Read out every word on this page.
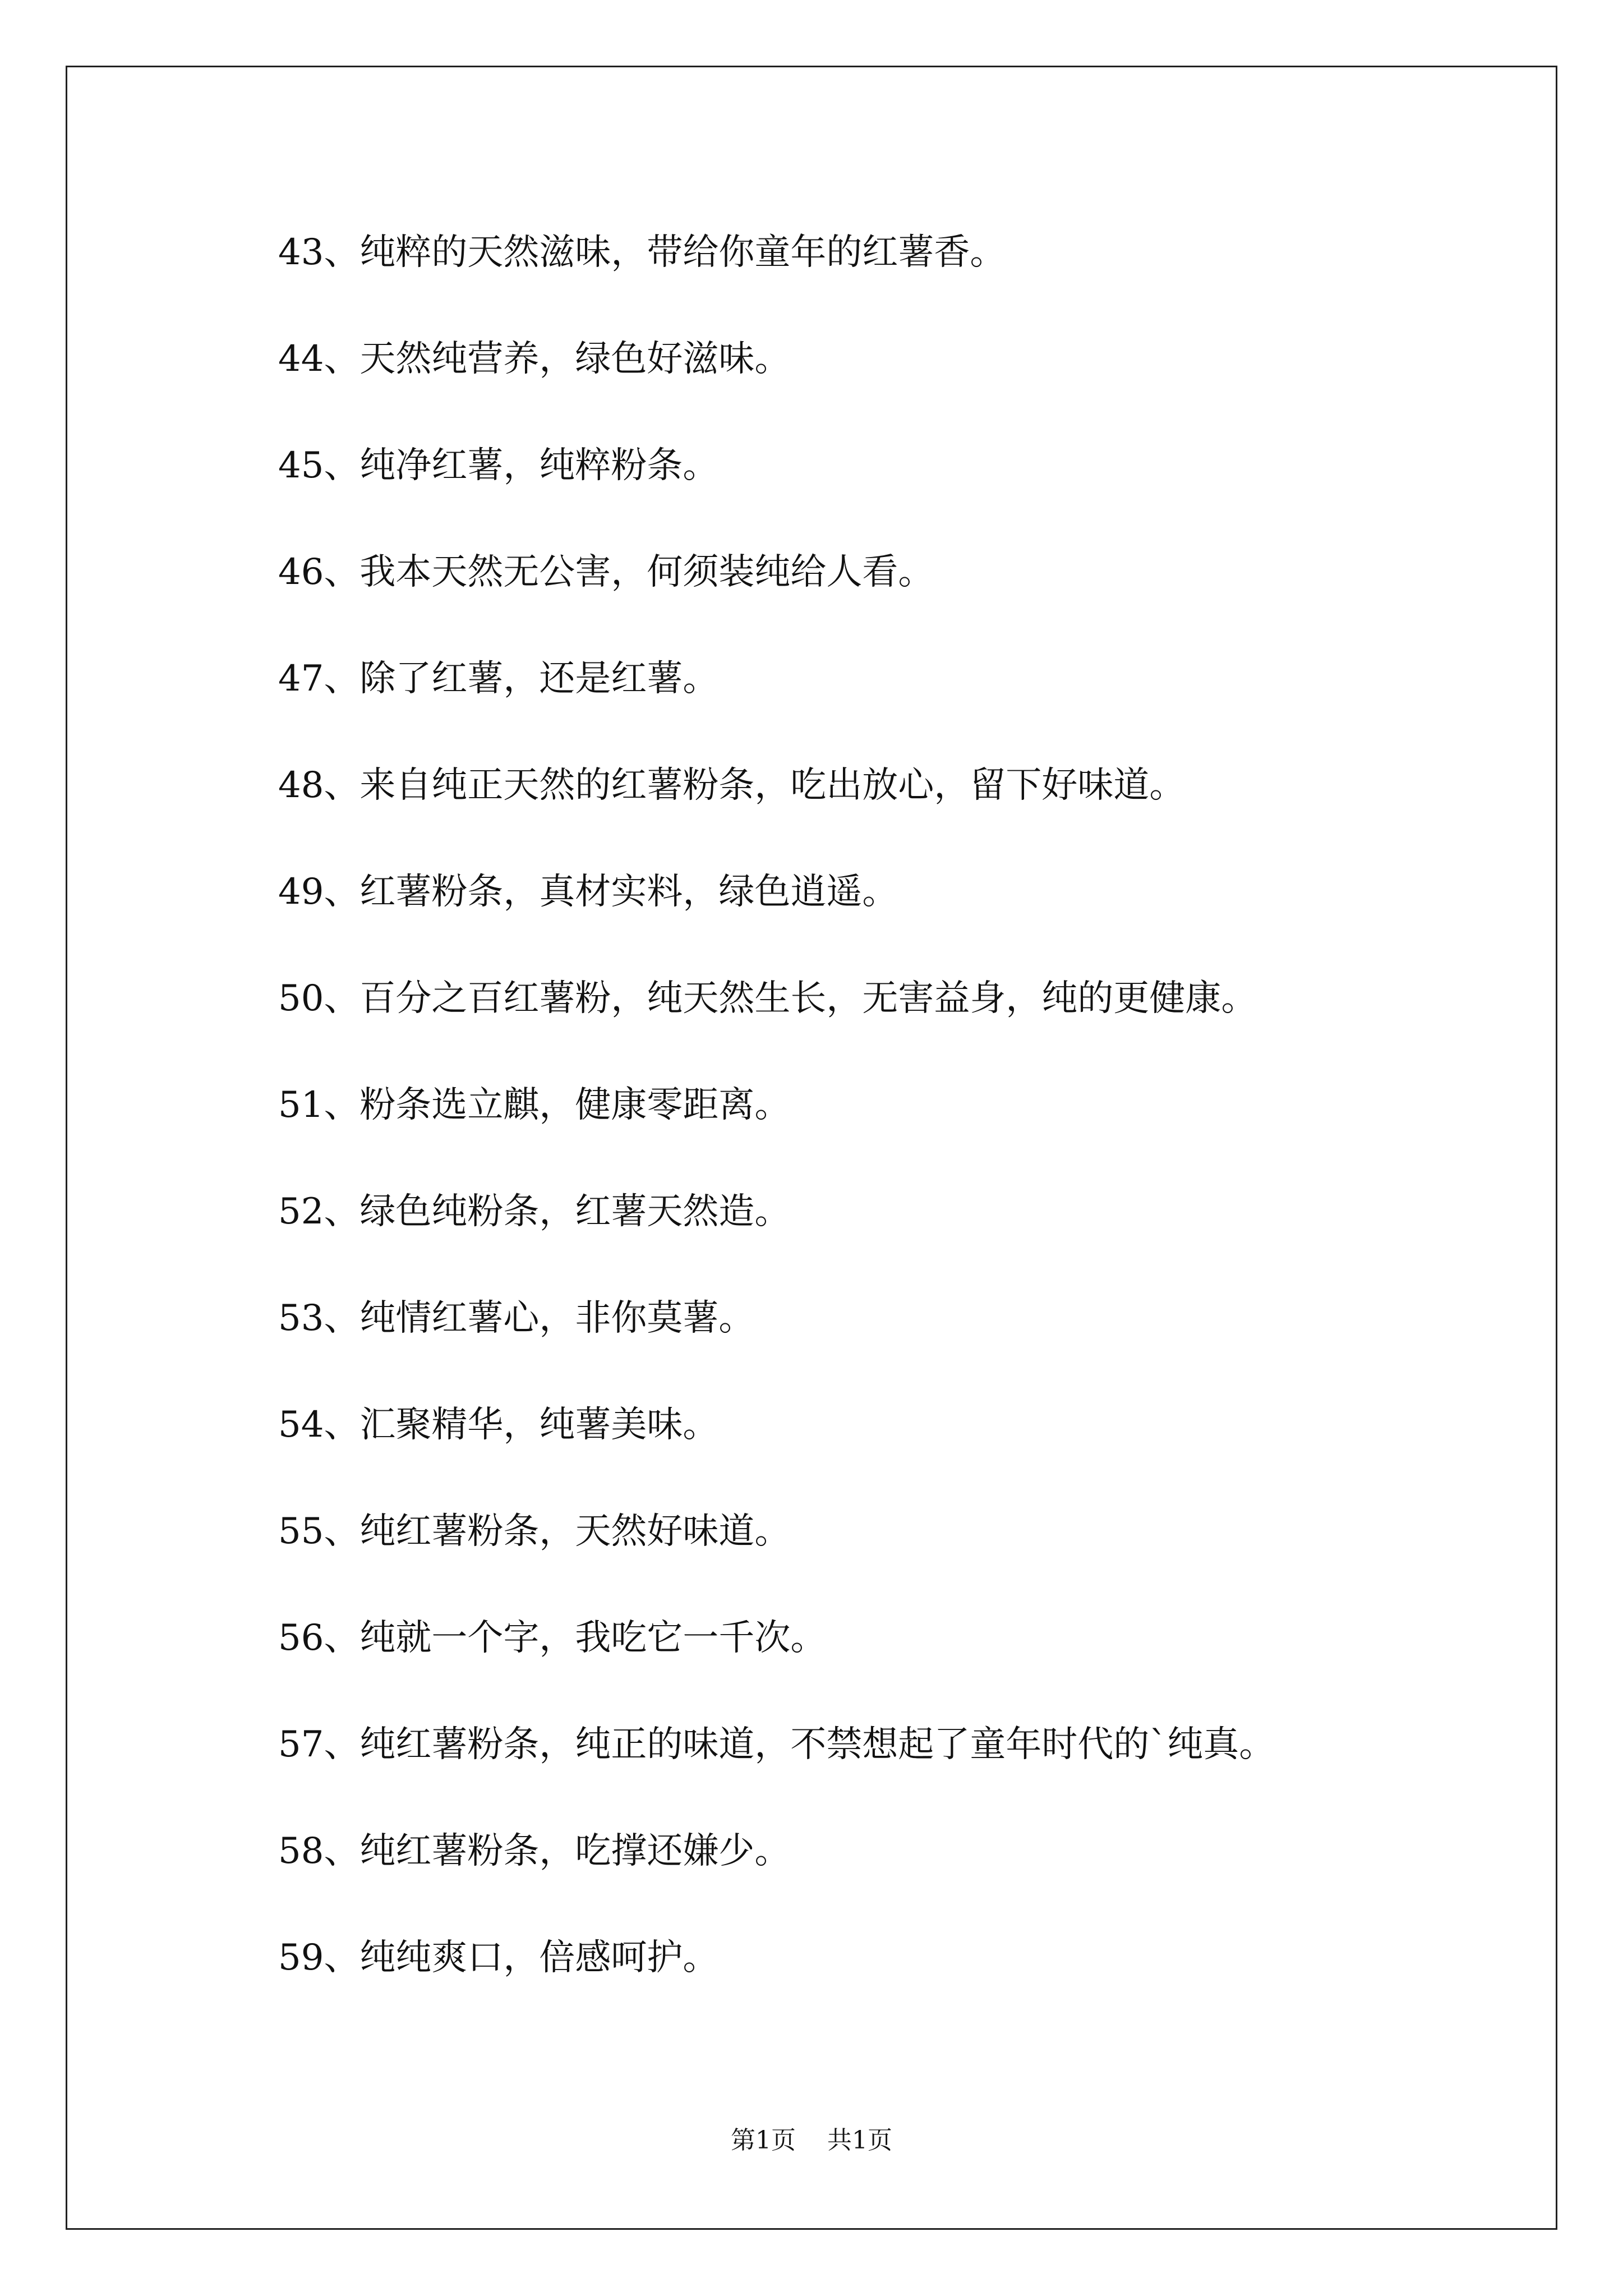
43、纯粹的天然滋味，带给你童年的红薯香。
44、天然纯营养，绿色好滋味。
45、纯净红薯，纯粹粉条。
46、我本天然无公害，何须装纯给人看。
47、除了红薯，还是红薯。
48、来自纯正天然的红薯粉条，吃出放心，留下好味道。
49、红薯粉条，真材实料，绿色逍遥。
50、百分之百红薯粉，纯天然生长，无害益身，纯的更健康。
51、粉条选立麒，健康零距离。
52、绿色纯粉条，红薯天然造。
53、纯情红薯心，非你莫薯。
54、汇聚精华，纯薯美味。
55、纯红薯粉条，天然好味道。
56、纯就一个字，我吃它一千次。
57、纯红薯粉条，纯正的味道，不禁想起了童年时代的`纯真。
58、纯红薯粉条，吃撑还嫌少。
59、纯纯爽口，倍感呵护。
第1页 共1页
